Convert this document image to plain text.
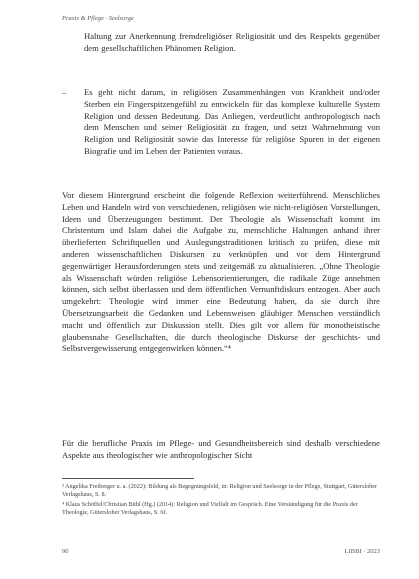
Praxis & Pflege · Seelsorge
Haltung zur Anerkennung fremdreligiöser Religiosität und des Respekts gegenüber dem gesellschaftlichen Phänomen Religion.
– Es geht nicht darum, in religiösen Zusammenhängen von Krankheit und/oder Sterben ein Fingerspitzengefühl zu entwickeln für das komplexe kulturelle System Religion und dessen Bedeutung. Das Anliegen, verdeutlicht anthropologisch nach dem Menschen und seiner Religiosität zu fragen, und setzt Wahrnehmung von Religion und Religiosität sowie das Interesse für religiöse Spuren in der eigenen Biografie und im Leben der Patienten voraus.
Vor diesem Hintergrund erscheint die folgende Reflexion weiterführend. Menschliches Leben und Handeln wird von verschiedenen, religiösen wie nicht-religiösen Vorstellungen, Ideen und Überzeugungen bestimmt. Der Theologie als Wissenschaft kommt im Christentum und Islam dabei die Aufgabe zu, menschliche Haltungen anhand ihrer überlieferten Schriftquellen und Auslegungstraditionen kritisch zu prüfen, diese mit anderen wissenschaftlichen Diskursen zu verknüpfen und vor dem Hintergrund gegenwärtiger Herausforderungen stets und zeitgemäß zu aktualisieren. „Ohne Theologie als Wissenschaft würden religiöse Lebensorientierungen, die radikale Züge annehmen können, sich selbst überlassen und dem öffentlichen Vernunftdiskurs entzogen. Aber auch umgekehrt: Theologie wird immer eine Bedeutung haben, da sie durch ihre Übersetzungsarbeit die Gedanken und Lebensweisen gläubiger Menschen verständlich macht und öffentlich zur Diskussion stellt. Dies gilt vor allem für monotheistische glaubensnahe Gesellschaften, die durch theologische Diskurse der geschichts- und Selbstvergewisserung entgegenwirken können.“⁴
Für die berufliche Praxis im Pflege- und Gesundheitsbereich sind deshalb verschiedene Aspekte aus theologischer wie anthropologischer Sicht

³ Angelika Freiberger u. a. (2022): Bildung als Begegnungsfeld, in: Religion und Seelsorge in der Pflege, Stuttgart, Gütersloher Verlagshaus, S. 8.

⁴ Klaus Schöffel/Christian Bühl (Hg.) (2014): Religion und Vielfalt im Gespräch. Eine Verständigung für die Praxis der Theologie, Gütersloher Verlagshaus, S. 6f.

90	LIBBI · 2023
